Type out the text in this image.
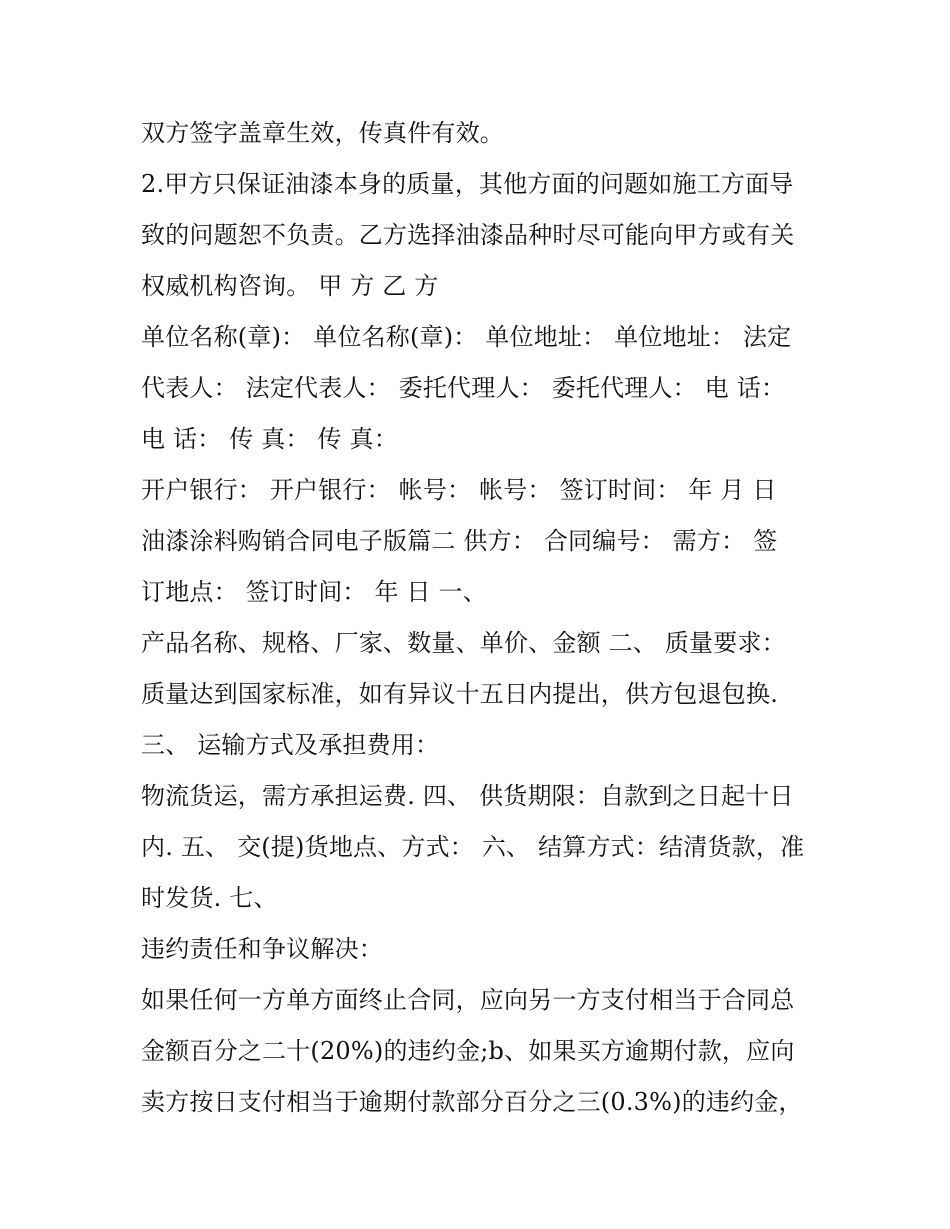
双方签字盖章生效，传真件有效。
2.甲方只保证油漆本身的质量，其他方面的问题如施工方面导
致的问题恕不负责。乙方选择油漆品种时尽可能向甲方或有关
权威机构咨询。 甲 方 乙 方
单位名称(章)： 单位名称(章)： 单位地址： 单位地址： 法定
代表人： 法定代表人： 委托代理人： 委托代理人： 电 话：
电 话： 传 真： 传 真：
开户银行： 开户银行： 帐号： 帐号： 签订时间： 年 月 日
油漆涂料购销合同电子版篇二 供方： 合同编号： 需方： 签
订地点： 签订时间： 年 日 一、
产品名称、规格、厂家、数量、单价、金额 二、 质量要求：
质量达到国家标准，如有异议十五日内提出，供方包退包换.
三、 运输方式及承担费用：
物流货运，需方承担运费. 四、 供货期限：自款到之日起十日
内. 五、 交(提)货地点、方式： 六、 结算方式：结清货款，准
时发货. 七、
违约责任和争议解决：
如果任何一方单方面终止合同，应向另一方支付相当于合同总
金额百分之二十(20%)的违约金;b、如果买方逾期付款，应向
卖方按日支付相当于逾期付款部分百分之三(0.3%)的违约金，
